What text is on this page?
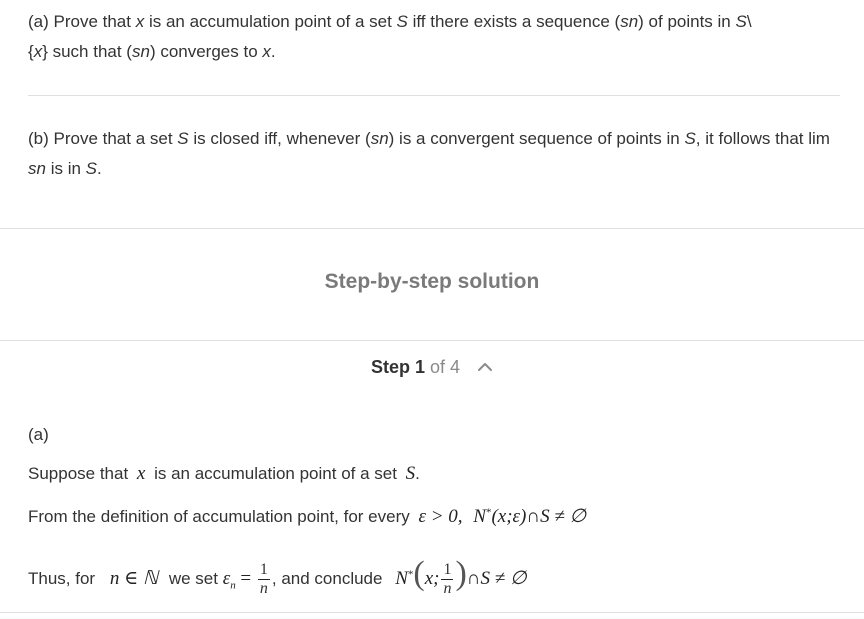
(a) Prove that x is an accumulation point of a set S iff there exists a sequence (sn) of points in S\
{x} such that (sn) converges to x.
(b) Prove that a set S is closed iff, whenever (sn) is a convergent sequence of points in S, it follows that lim
sn is in S.
Step-by-step solution
Step 1 of 4
(a)
Suppose that x is an accumulation point of a set S.
From the definition of accumulation point, for every ε > 0, N*(x;ε)∩S ≠ ∅
Thus, for n ∈ ℕ we set $\varepsilon_n = \frac{1}{n}$ , and conclude N*(x; $\frac{1}{n}$ )∩S ≠ ∅
